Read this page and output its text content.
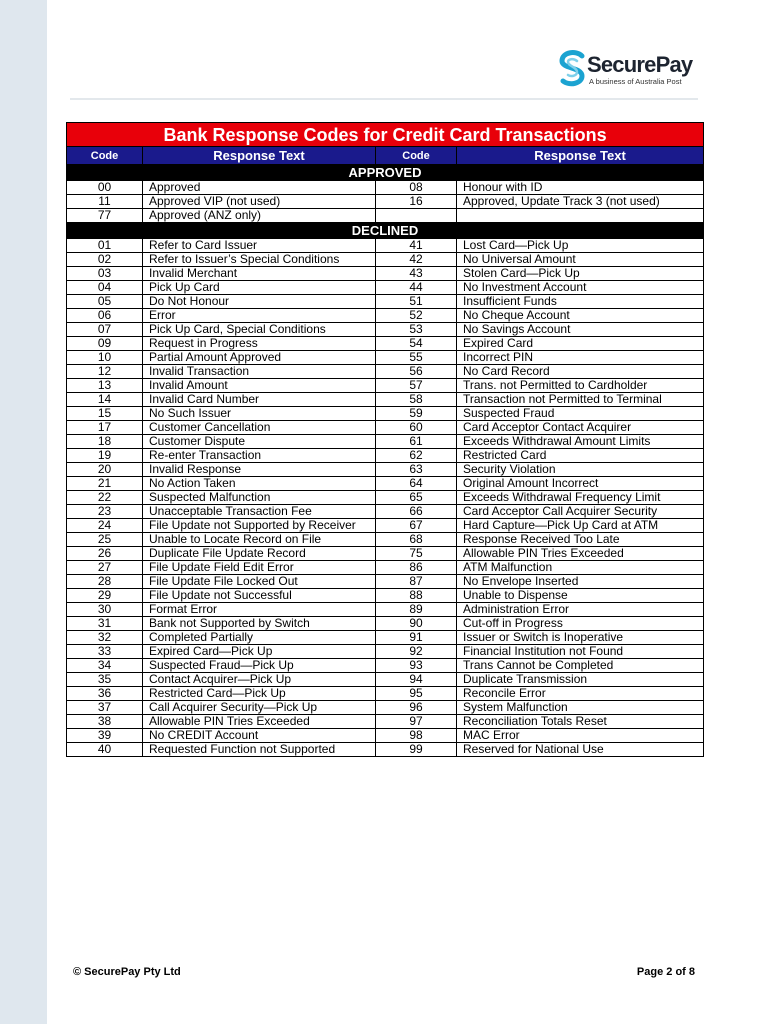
SecurePay
A business of Australia Post
Bank Response Codes for Credit Card Transactions			
Code	Response Text	Code	Response Text
APPROVED			
00	Approved	08	Honour with ID
11	Approved VIP (not used)	16	Approved, Update Track 3 (not used)
77	Approved (ANZ only)		
DECLINED			
01	Refer to Card Issuer	41	Lost Card—Pick Up
02	Refer to Issuer’s Special Conditions	42	No Universal Amount
03	Invalid Merchant	43	Stolen Card—Pick Up
04	Pick Up Card	44	No Investment Account
05	Do Not Honour	51	Insufficient Funds
06	Error	52	No Cheque Account
07	Pick Up Card, Special Conditions	53	No Savings Account
09	Request in Progress	54	Expired Card
10	Partial Amount Approved	55	Incorrect PIN
12	Invalid Transaction	56	No Card Record
13	Invalid Amount	57	Trans. not Permitted to Cardholder
14	Invalid Card Number	58	Transaction not Permitted to Terminal
15	No Such Issuer	59	Suspected Fraud
17	Customer Cancellation	60	Card Acceptor Contact Acquirer
18	Customer Dispute	61	Exceeds Withdrawal Amount Limits
19	Re-enter Transaction	62	Restricted Card
20	Invalid Response	63	Security Violation
21	No Action Taken	64	Original Amount Incorrect
22	Suspected Malfunction	65	Exceeds Withdrawal Frequency Limit
23	Unacceptable Transaction Fee	66	Card Acceptor Call Acquirer Security
24	File Update not Supported by Receiver	67	Hard Capture—Pick Up Card at ATM
25	Unable to Locate Record on File	68	Response Received Too Late
26	Duplicate File Update Record	75	Allowable PIN Tries Exceeded
27	File Update Field Edit Error	86	ATM Malfunction
28	File Update File Locked Out	87	No Envelope Inserted
29	File Update not Successful	88	Unable to Dispense
30	Format Error	89	Administration Error
31	Bank not Supported by Switch	90	Cut-off in Progress
32	Completed Partially	91	Issuer or Switch is Inoperative
33	Expired Card—Pick Up	92	Financial Institution not Found
34	Suspected Fraud—Pick Up	93	Trans Cannot be Completed
35	Contact Acquirer—Pick Up	94	Duplicate Transmission
36	Restricted Card—Pick Up	95	Reconcile Error
37	Call Acquirer Security—Pick Up	96	System Malfunction
38	Allowable PIN Tries Exceeded	97	Reconciliation Totals Reset
39	No CREDIT Account	98	MAC Error
40	Requested Function not Supported	99	Reserved for National Use
© SecurePay Pty Ltd	Page 2 of 8
